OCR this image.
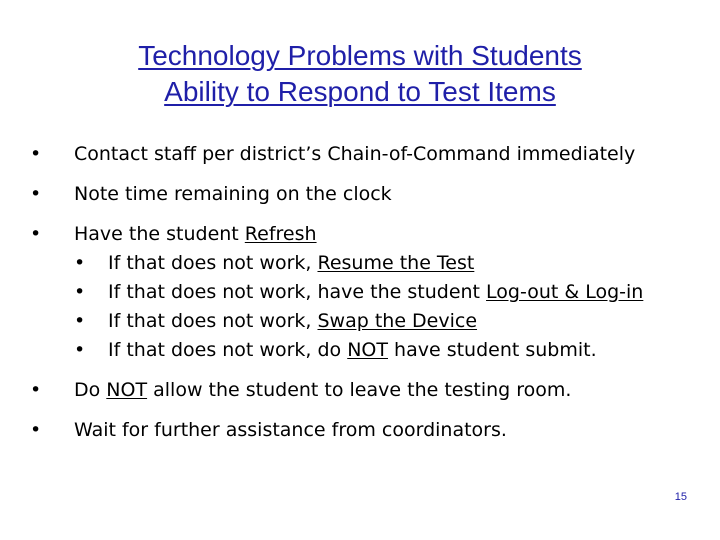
Technology Problems with Students
Ability to Respond to Test Items
• Contact staff per district’s Chain-of-Command immediately
• Note time remaining on the clock
• Have the student Refresh
• If that does not work, Resume the Test
• If that does not work, have the student Log-out & Log-in
• If that does not work, Swap the Device
• If that does not work, do NOT have student submit.
• Do NOT allow the student to leave the testing room.
• Wait for further assistance from coordinators.
15
